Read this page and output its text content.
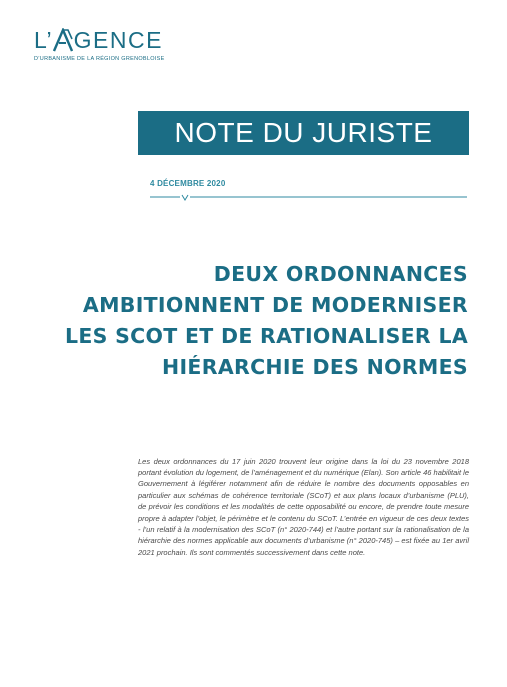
L’ GENCE
D’URBANISME DE LA RÉGION GRENOBLOISE
NOTE DU JURISTE
4 DÉCEMBRE 2020
DEUX ORDONNANCES
AMBITIONNENT DE MODERNISER
LES SCOT ET DE RATIONALISER LA
HIÉRARCHIE DES NORMES

Les deux ordonnances du 17 juin 2020 trouvent leur origine dans la loi du 23 novembre 2018 portant évolution du logement, de l’aménagement et du numérique (Elan). Son article 46 habilitait le Gouvernement à légiférer notamment afin de réduire le nombre des documents opposables en particulier aux schémas de cohérence territoriale (SCoT) et aux plans locaux d’urbanisme (PLU), de prévoir les conditions et les modalités de cette opposabilité ou encore, de prendre toute mesure propre à adapter l’objet, le périmètre et le contenu du SCoT. L’entrée en vigueur de ces deux textes - l’un relatif à la modernisation des SCoT (n° 2020-744) et l’autre portant sur la rationalisation de la hiérarchie des normes applicable aux documents d’urbanisme (n° 2020-745) – est fixée au 1er avril 2021 prochain. Ils sont commentés successivement dans cette note.
